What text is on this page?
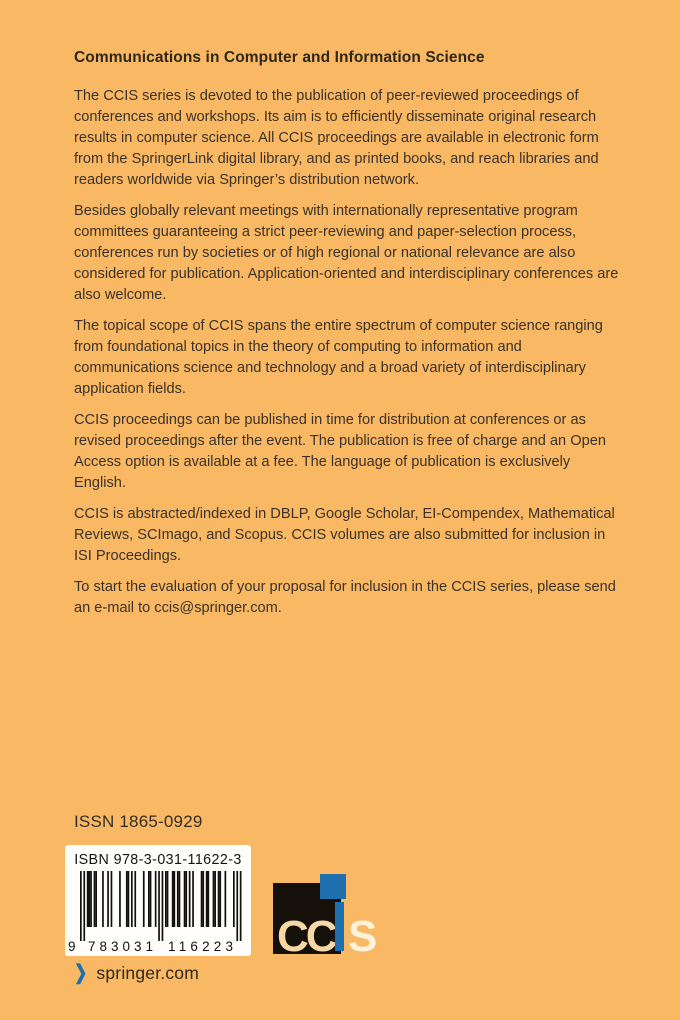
Communications in Computer and Information Science

The CCIS series is devoted to the publication of peer-reviewed proceedings of conferences and workshops. Its aim is to efficiently disseminate original research results in computer science. All CCIS proceedings are available in electronic form from the SpringerLink digital library, and as printed books, and reach libraries and readers worldwide via Springer’s distribution network.

Besides globally relevant meetings with internationally representative program committees guaranteeing a strict peer-reviewing and paper-selection process, conferences run by societies or of high regional or national relevance are also considered for publication. Application-oriented and interdisciplinary conferences are also welcome.

The topical scope of CCIS spans the entire spectrum of computer science ranging from foundational topics in the theory of computing to information and communications science and technology and a broad variety of interdisciplinary application fields.

CCIS proceedings can be published in time for distribution at conferences or as revised proceedings after the event. The publication is free of charge and an Open Access option is available at a fee. The language of publication is exclusively English.

CCIS is abstracted/indexed in DBLP, Google Scholar, EI-Compendex, Mathematical Reviews, SCImago, and Scopus. CCIS volumes are also submitted for inclusion in ISI Proceedings.

To start the evaluation of your proposal for inclusion in the CCIS series, please send an e-mail to ccis@springer.com.

ISSN 1865-0929
ISBN 978-3-031-11622-3
9 783031 116223 CC S
❯ springer.com
